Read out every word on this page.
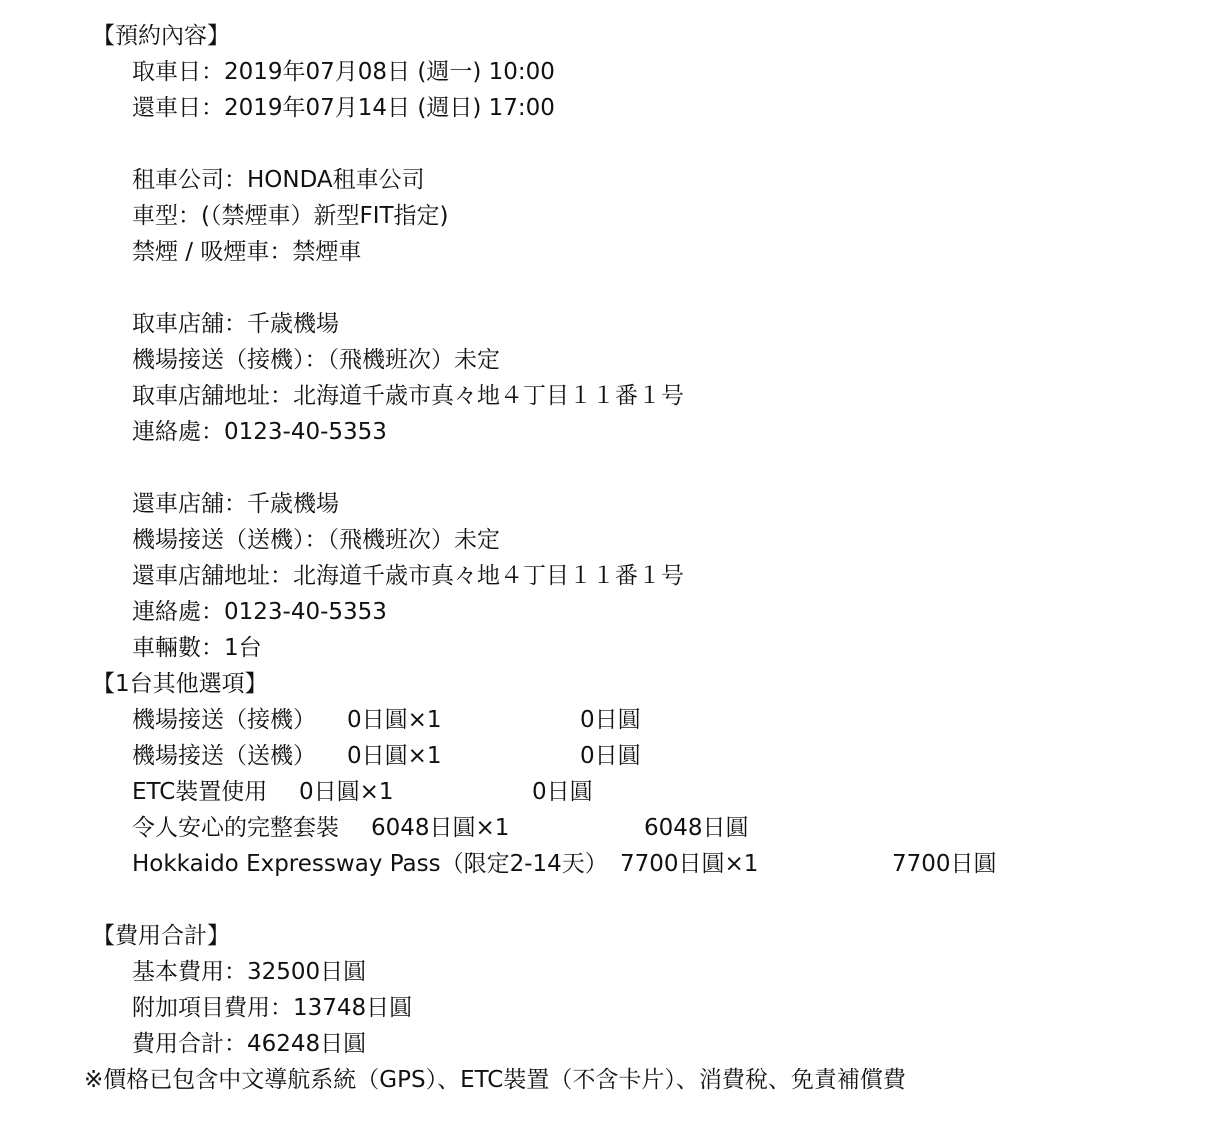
【預約內容】
取車日：2019年07月08日 (週一) 10:00
還車日：2019年07月14日 (週日) 17:00
租車公司：HONDA租車公司
車型：(（禁煙車）新型FIT指定)
禁煙 / 吸煙車：禁煙車
取車店舖：千歳機場
機場接送（接機）：（飛機班次）未定
取車店舖地址：北海道千歳市真々地４丁目１１番１号
連絡處：0123-40-5353
還車店舖：千歳機場
機場接送（送機）：（飛機班次）未定
還車店舖地址：北海道千歳市真々地４丁目１１番１号
連絡處：0123-40-5353
車輛數：1台
【1台其他選項】
機場接送（接機） 0日圓×1	0日圓
機場接送（送機） 0日圓×1	0日圓
ETC裝置使用 0日圓×1	0日圓
令人安心的完整套裝 6048日圓×1	6048日圓
Hokkaido Expressway Pass（限定2-14天） 7700日圓×1	7700日圓
【費用合計】
基本費用：32500日圓
附加項目費用：13748日圓
費用合計：46248日圓
※價格已包含中文導航系統（GPS）、ETC裝置（不含卡片）、消費稅、免責補償費
